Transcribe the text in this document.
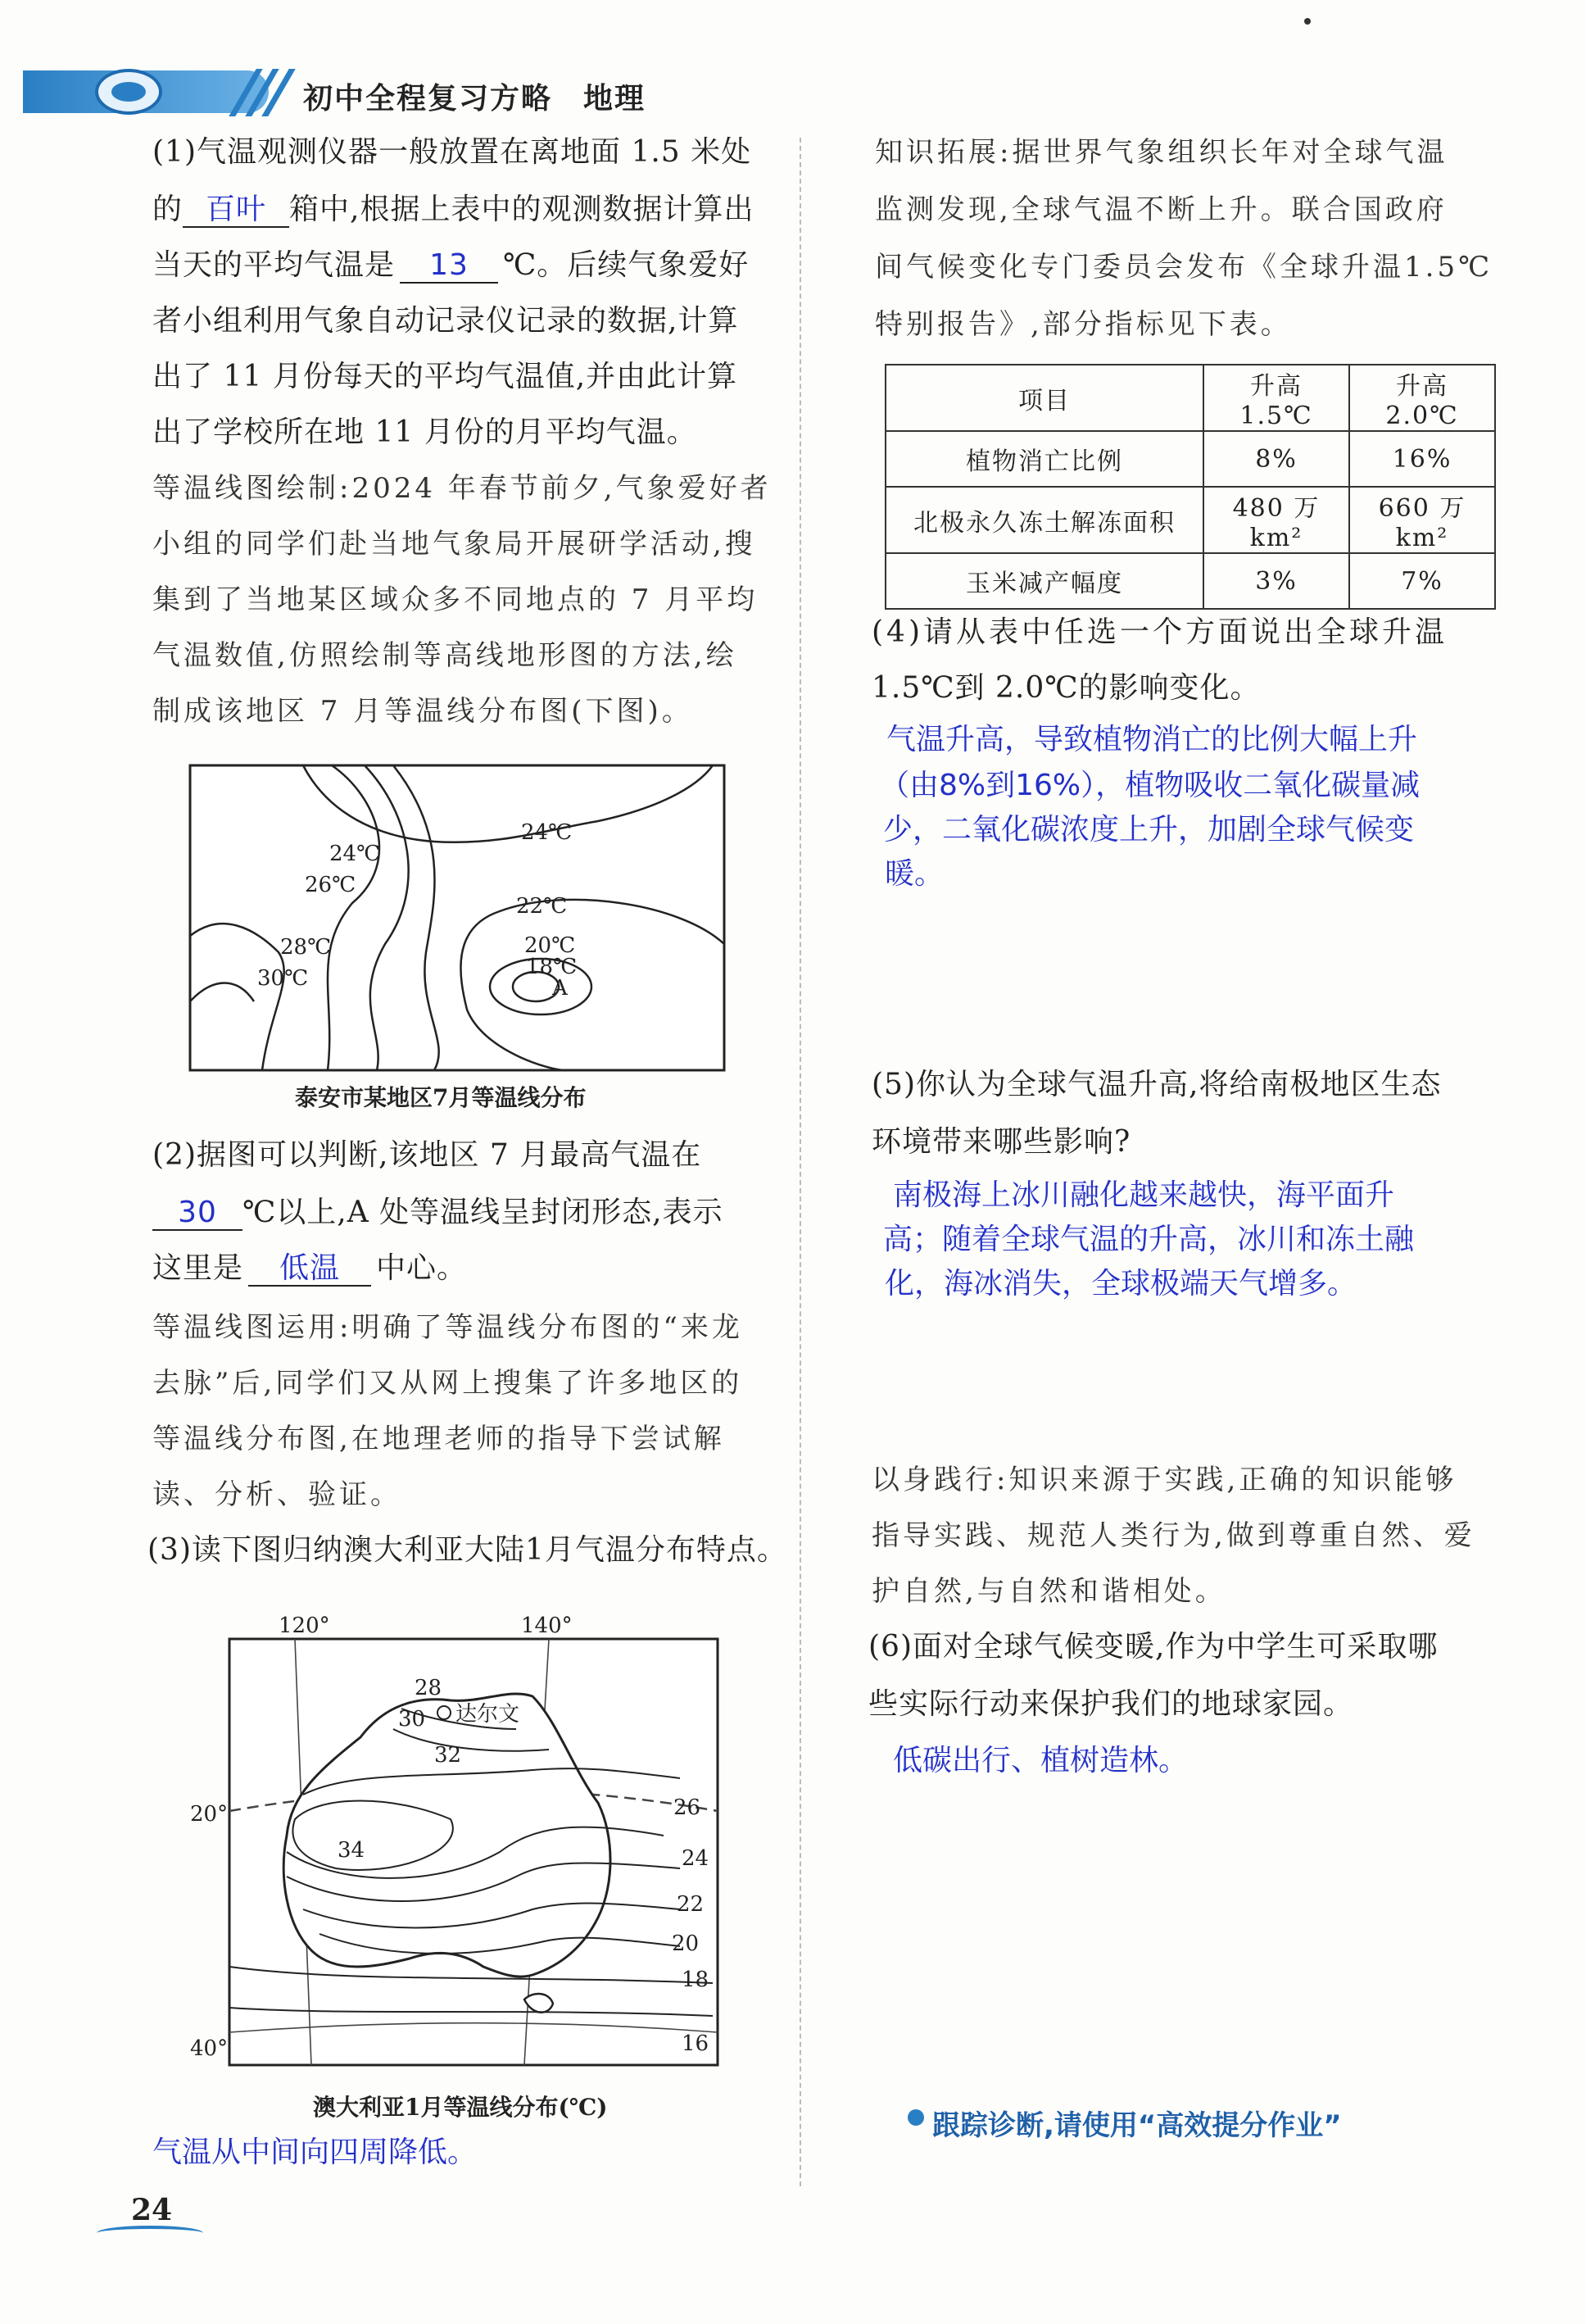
初中全程复习方略　地理
(1)气温观测仪器一般放置在离地面 1.5 米处
的 百叶 箱中,根据上表中的观测数据计算出
当天的平均气温是 13 ℃。后续气象爱好
者小组利用气象自动记录仪记录的数据,计算
出了 11 月份每天的平均气温值,并由此计算
出了学校所在地 11 月份的月平均气温。
等温线图绘制:2024 年春节前夕,气象爱好者
小组的同学们赴当地气象局开展研学活动,搜
集到了当地某区域众多不同地点的 7 月平均
气温数值,仿照绘制等高线地形图的方法,绘
制成该地区 7 月等温线分布图(下图)。
24℃
26℃
24℃
22℃
28℃	20℃
30℃	18℃
A
泰安市某地区7月等温线分布
(2)据图可以判断,该地区 7 月最高气温在
30 ℃以上,A 处等温线呈封闭形态,表示
这里是 低温 中心。
等温线图运用:明确了等温线分布图的“来龙
去脉”后,同学们又从网上搜集了许多地区的
等温线分布图,在地理老师的指导下尝试解
读、分析、验证。
(3)读下图归纳澳大利亚大陆1月气温分布特点。
120°	140°
20°
40°
28
30 达尔文
32
34
26
24
22
20
18
16
澳大利亚1月等温线分布(℃)
气温从中间向四周降低。
知识拓展:据世界气象组织长年对全球气温
监测发现,全球气温不断上升。联合国政府
间气候变化专门委员会发布《全球升温1.5℃
特别报告》,部分指标见下表。
项目	升高 1.5℃	升高 2.0℃
植物消亡比例	8%	16%
北极永久冻土解冻面积	480 万 km²	660 万 km²
玉米减产幅度	3%	7%
(4)请从表中任选一个方面说出全球升温
1.5℃到 2.0℃的影响变化。
气温升高，导致植物消亡的比例大幅上升
（由8%到16%），植物吸收二氧化碳量减
少，二氧化碳浓度上升，加剧全球气候变
暖。
(5)你认为全球气温升高,将给南极地区生态
环境带来哪些影响?
南极海上冰川融化越来越快，海平面升
高；随着全球气温的升高，冰川和冻土融
化，海冰消失，全球极端天气增多。
以身践行:知识来源于实践,正确的知识能够
指导实践、规范人类行为,做到尊重自然、爱
护自然,与自然和谐相处。
(6)面对全球气候变暖,作为中学生可采取哪
些实际行动来保护我们的地球家园。
低碳出行、植树造林。
跟踪诊断,请使用“高效提分作业”
24
